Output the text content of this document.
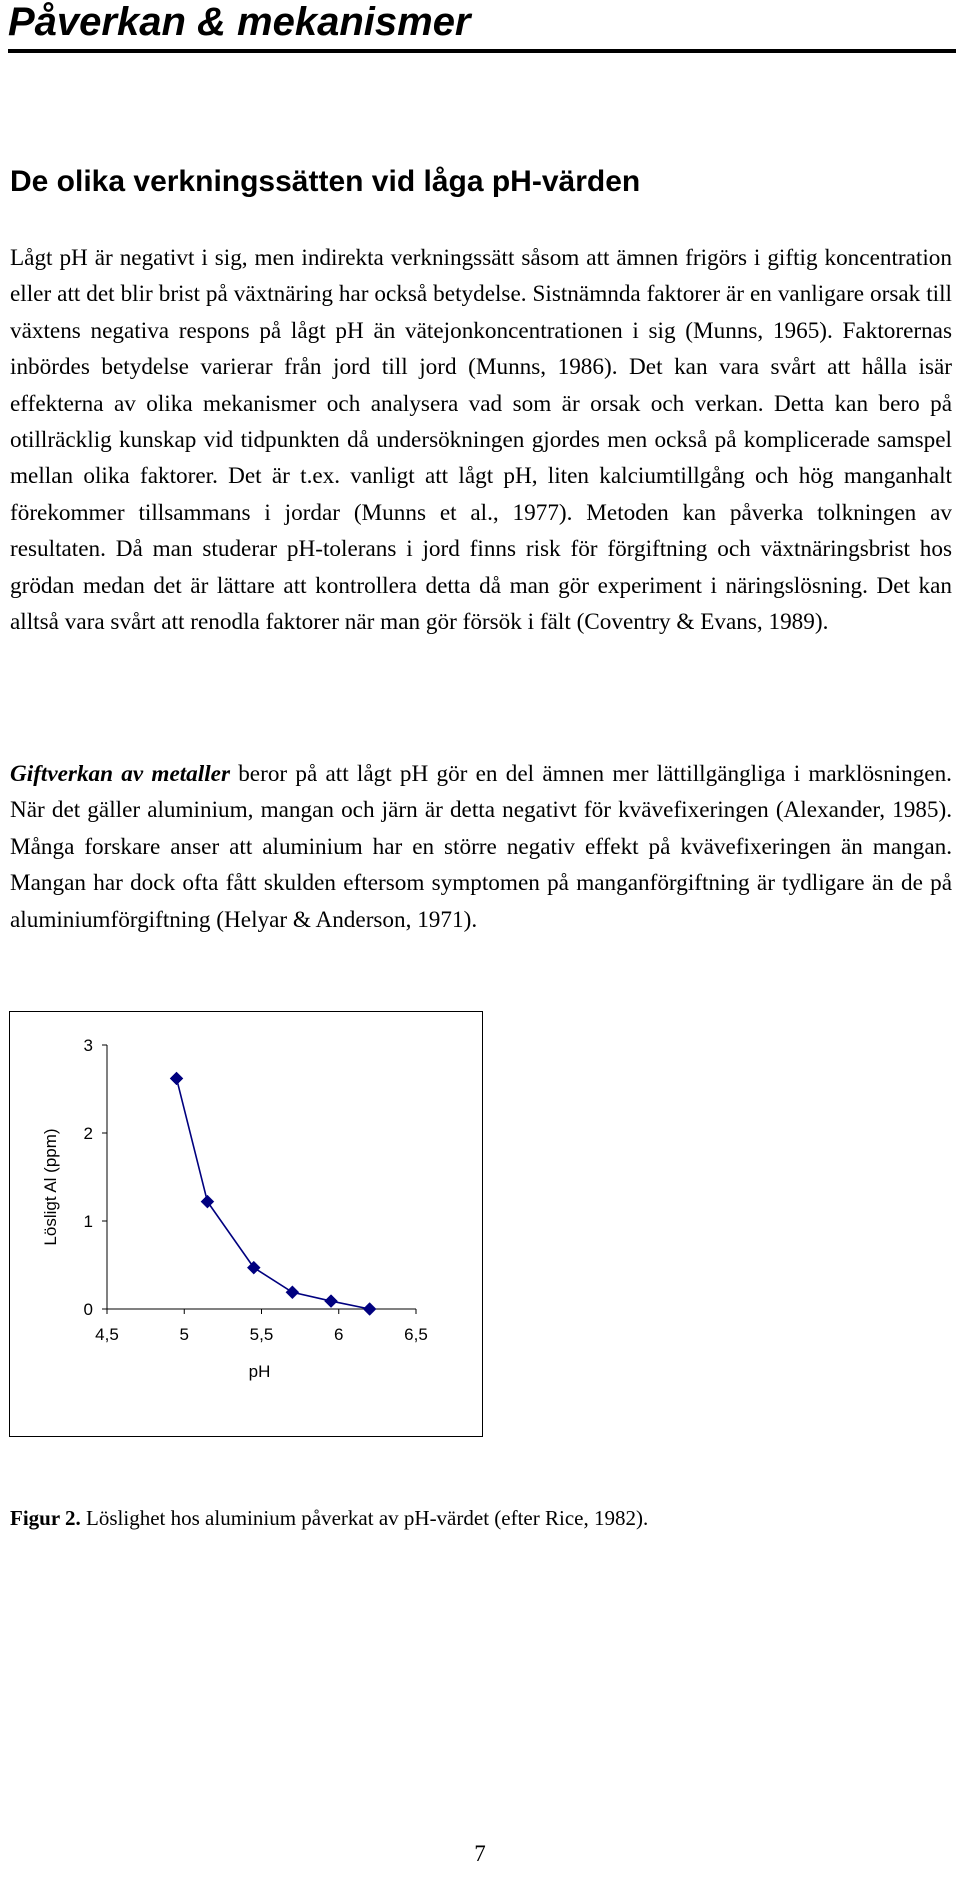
Påverkan & mekanismer
De olika verkningssätten vid låga pH-värden

Lågt pH är negativt i sig, men indirekta verkningssätt såsom att ämnen frigörs i giftig koncentration eller att det blir brist på växtnäring har också betydelse. Sistnämnda faktorer är en vanligare orsak till växtens negativa respons på lågt pH än vätejonkoncentrationen i sig (Munns, 1965). Faktorernas inbördes betydelse varierar från jord till jord (Munns, 1986). Det kan vara svårt att hålla isär effekterna av olika mekanismer och analysera vad som är orsak och verkan. Detta kan bero på otillräcklig kunskap vid tidpunkten då undersökningen gjordes men också på komplicerade samspel mellan olika faktorer. Det är t.ex. vanligt att lågt pH, liten kalciumtillgång och hög manganhalt förekommer tillsammans i jordar (Munns et al., 1977). Metoden kan påverka tolkningen av resultaten. Då man studerar pH-tolerans i jord finns risk för förgiftning och växtnäringsbrist hos grödan medan det är lättare att kontrollera detta då man gör experiment i näringslösning. Det kan alltså vara svårt att renodla faktorer när man gör försök i fält (Coventry & Evans, 1989).

Giftverkan av metaller beror på att lågt pH gör en del ämnen mer lättillgängliga i marklösningen. När det gäller aluminium, mangan och järn är detta negativt för kvävefixeringen (Alexander, 1985). Många forskare anser att aluminium har en större negativ effekt på kvävefixeringen än mangan. Mangan har dock ofta fått skulden eftersom symptomen på manganförgiftning är tydligare än de på aluminiumförgiftning (Helyar & Anderson, 1971).

0
1
2
3
4,5	5	5,5	6	6,5
pH
Lösligt Al (ppm)

Figur 2. Löslighet hos aluminium påverkat av pH-värdet (efter Rice, 1982).

7
